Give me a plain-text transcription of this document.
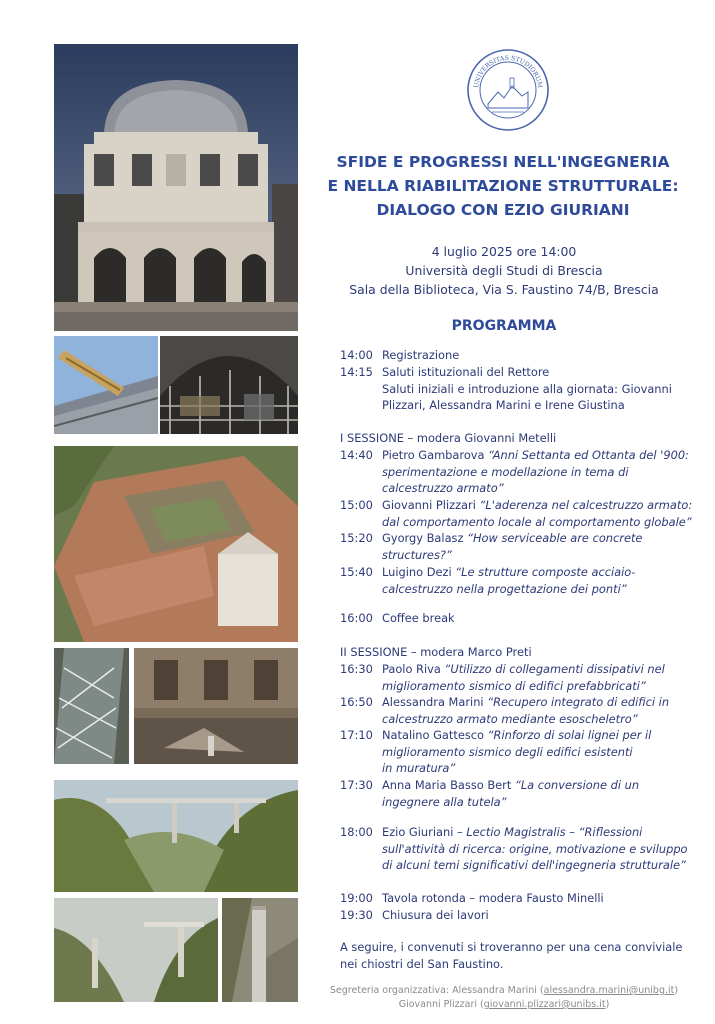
UNIVERSITAS STUDIORUM
SFIDE E PROGRESSI NELL'INGEGNERIA
E NELLA RIABILITAZIONE STRUTTURALE:
DIALOGO CON EZIO GIURIANI
4 luglio 2025 ore 14:00
Università degli Studi di Brescia
Sala della Biblioteca, Via S. Faustino 74/B, Brescia
PROGRAMMA
14:00 Registrazione
14:15 Saluti istituzionali del Rettore
Saluti iniziali e introduzione alla giornata: Giovanni
Plizzari, Alessandra Marini e Irene Giustina
I SESSIONE – modera Giovanni Metelli
14:40 Pietro Gambarova “Anni Settanta ed Ottanta del '900:
sperimentazione e modellazione in tema di
calcestruzzo armato”
15:00 Giovanni Plizzari “L'aderenza nel calcestruzzo armato:
dal comportamento locale al comportamento globale”
15:20 Gyorgy Balasz “How serviceable are concrete
structures?”
15:40 Luigino Dezi “Le strutture composte acciaio-
calcestruzzo nella progettazione dei ponti”
16:00 Coffee break
II SESSIONE – modera Marco Preti
16:30 Paolo Riva “Utilizzo di collegamenti dissipativi nel
miglioramento sismico di edifici prefabbricati”
16:50 Alessandra Marini “Recupero integrato di edifici in
calcestruzzo armato mediante esoscheletro”
17:10 Natalino Gattesco “Rinforzo di solai lignei per il
miglioramento sismico degli edifici esistenti
in muratura”
17:30 Anna Maria Basso Bert “La conversione di un
ingegnere alla tutela”
18:00 Ezio Giuriani – Lectio Magistralis – “Riflessioni
sull'attività di ricerca: origine, motivazione e sviluppo
di alcuni temi significativi dell'ingegneria strutturale”
19:00 Tavola rotonda – modera Fausto Minelli
19:30 Chiusura dei lavori
A seguire, i convenuti si troveranno per una cena conviviale
nei chiostri del San Faustino.
Segreteria organizzativa: Alessandra Marini (alessandra.marini@unibg.it)
Giovanni Plizzari (giovanni.plizzari@unibs.it)
